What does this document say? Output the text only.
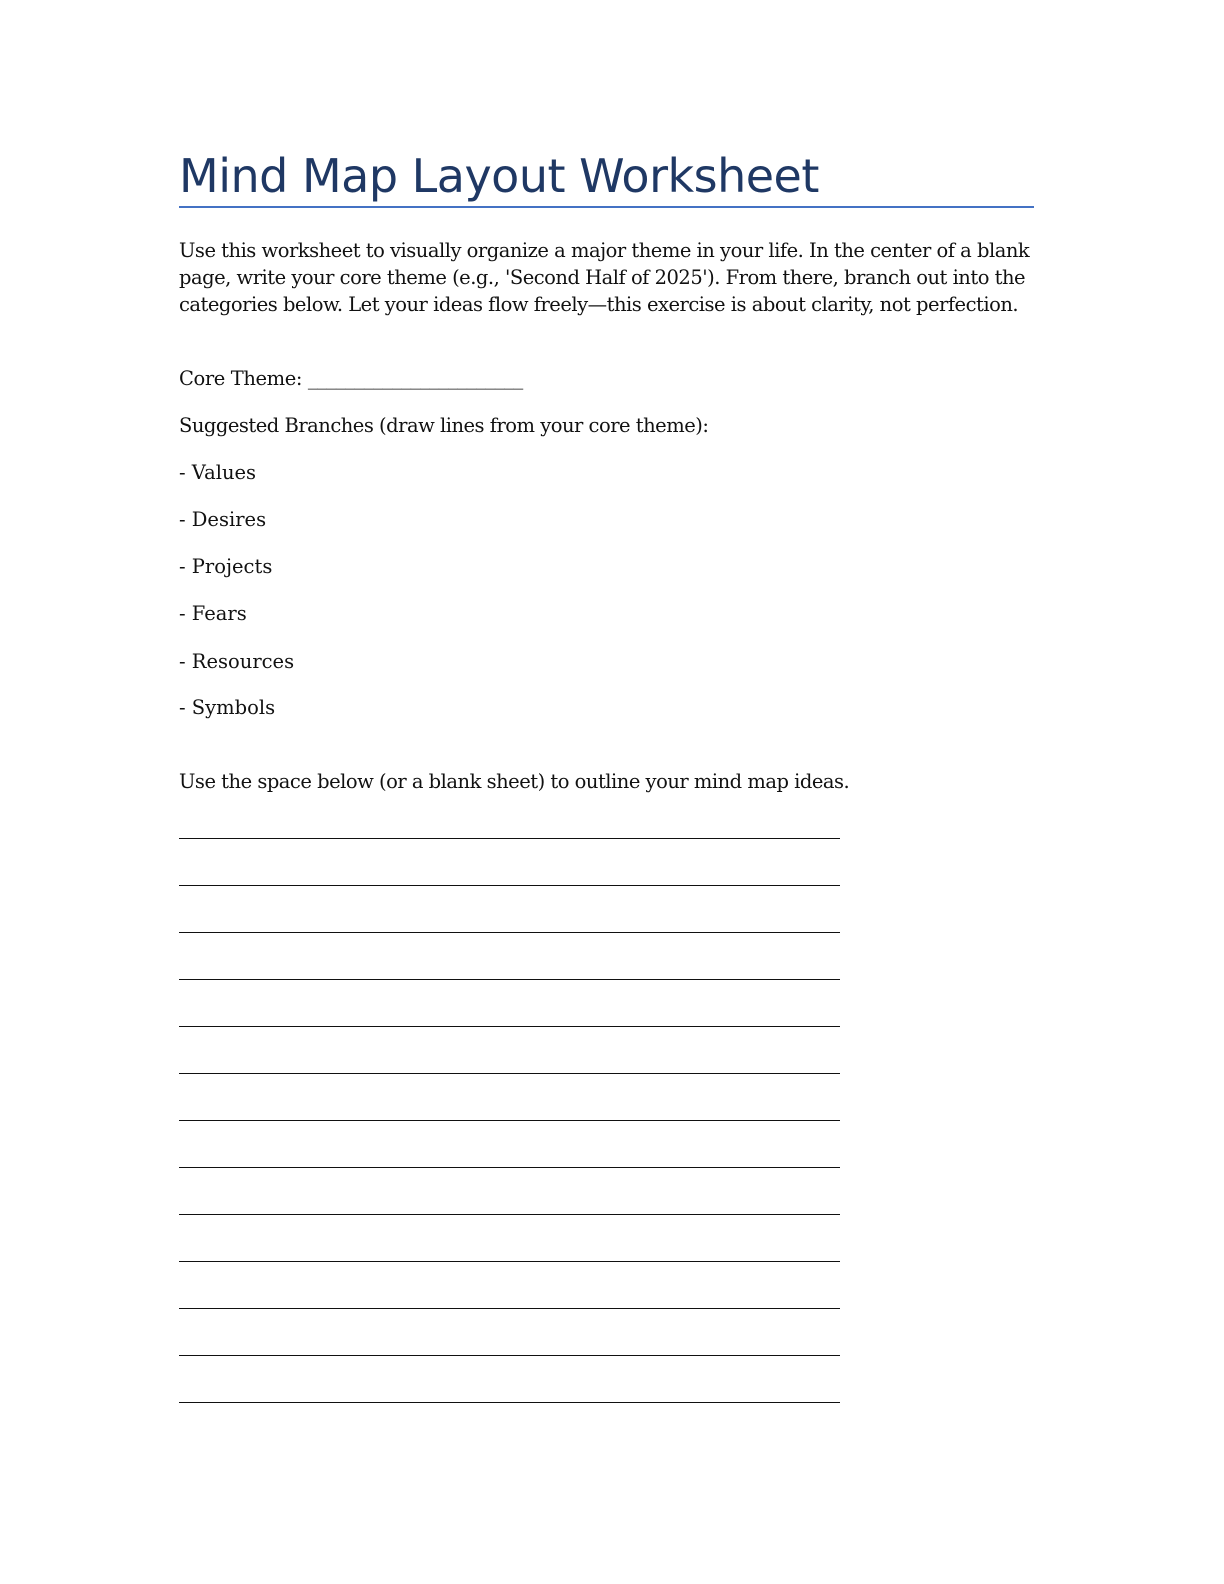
Mind Map Layout Worksheet
Use this worksheet to visually organize a major theme in your life. In the center of a blank page, write your core theme (e.g., 'Second Half of 2025'). From there, branch out into the categories below. Let your ideas flow freely—this exercise is about clarity, not perfection.
Core Theme: _______________________
Suggested Branches (draw lines from your core theme):
- Values
- Desires
- Projects
- Fears
- Resources
- Symbols
Use the space below (or a blank sheet) to outline your mind map ideas.
